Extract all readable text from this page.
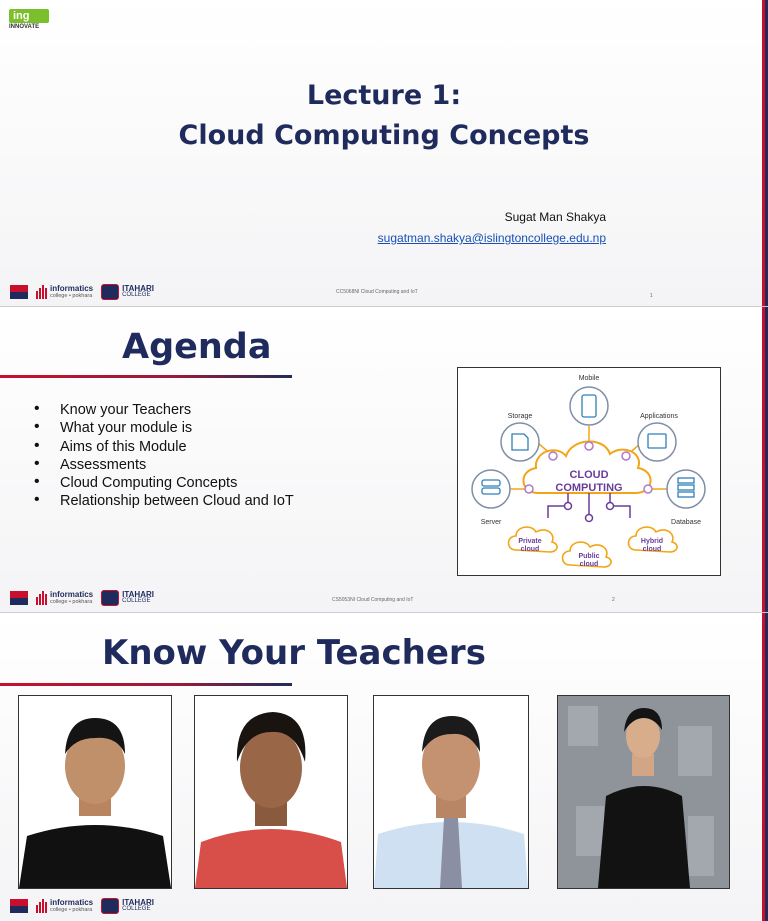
ing
INNOVATE
Lecture 1:
Cloud Computing Concepts
Sugat Man Shakya
sugatman.shakya@islingtoncollege.edu.np
informatics
college • pokhara
ITAHARI
COLLEGE	CC5068NI Cloud Computing and IoT
1
Agenda
• Know your Teachers
• What your module is
• Aims of this Module
• Assessments
• Cloud Computing Concepts
• Relationship between Cloud and IoT
CLOUD
COMPUTING
Mobile
Storage	Applications
Server	Database
Private
cloud
Public
cloud
Hybrid
cloud
informatics
college • pokhara
ITAHARI
COLLEGE	CS5053NI Cloud Computing and IoT	2
Know Your Teachers
informatics
college • pokhara
ITAHARI
COLLEGE
